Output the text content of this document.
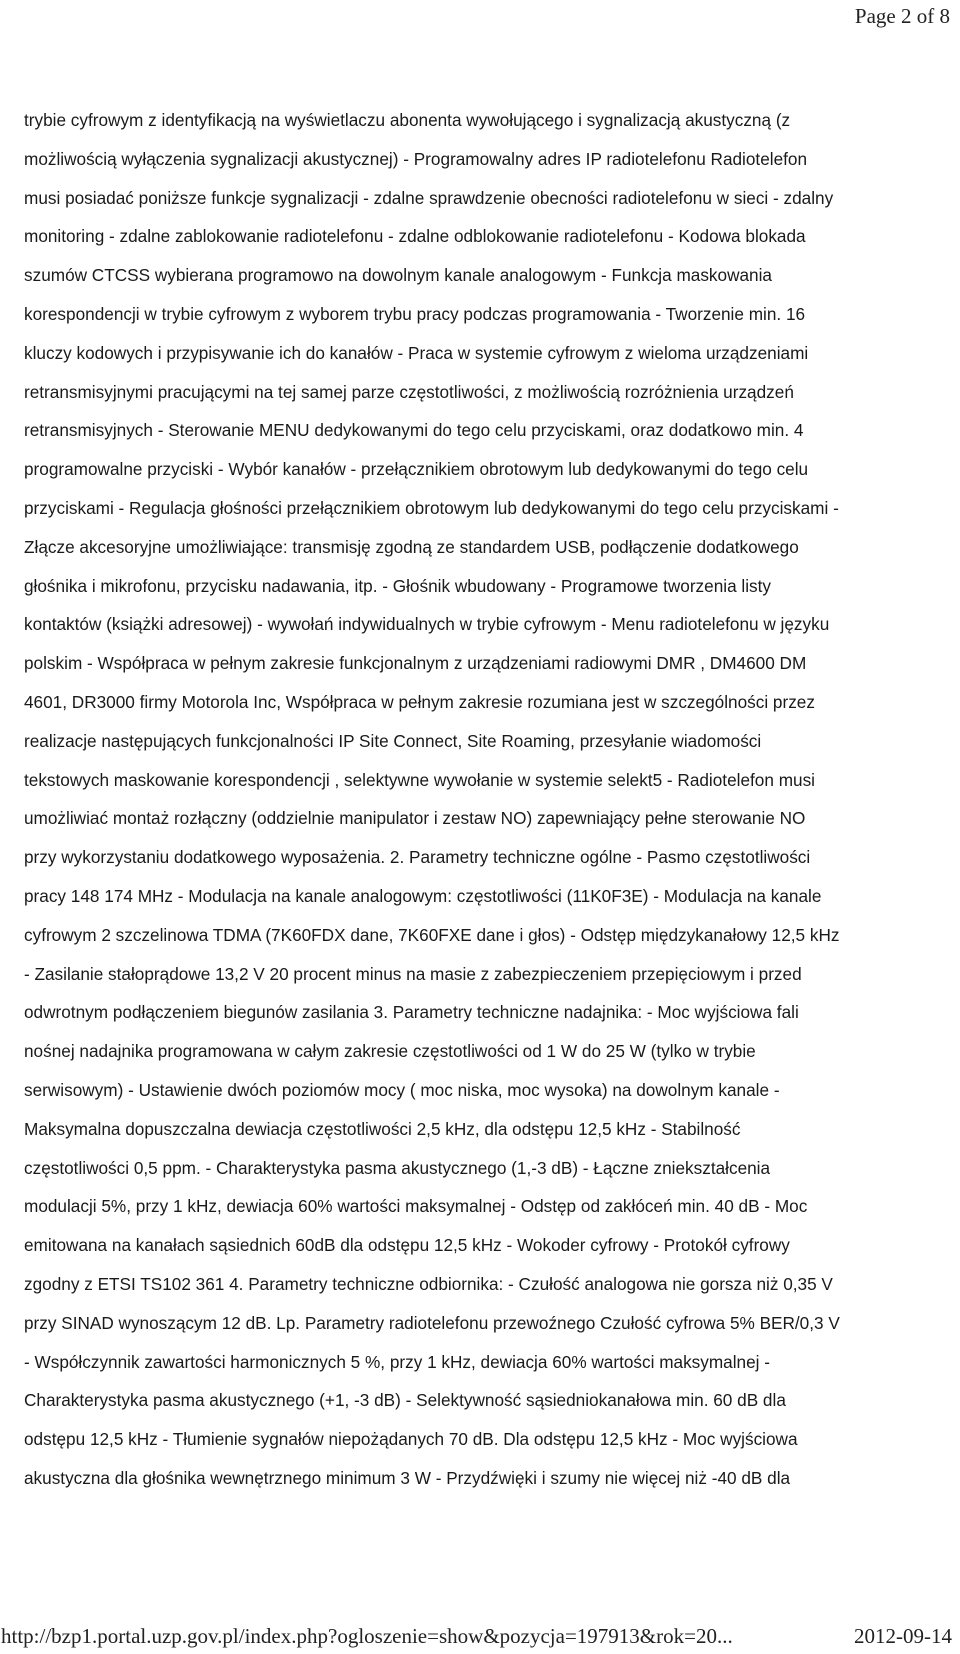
Page 2 of 8
trybie cyfrowym z identyfikacją na wyświetlaczu abonenta wywołującego i sygnalizacją akustyczną (z
możliwością wyłączenia sygnalizacji akustycznej) - Programowalny adres IP radiotelefonu Radiotelefon
musi posiadać poniższe funkcje sygnalizacji - zdalne sprawdzenie obecności radiotelefonu w sieci - zdalny
monitoring - zdalne zablokowanie radiotelefonu - zdalne odblokowanie radiotelefonu - Kodowa blokada
szumów CTCSS wybierana programowo na dowolnym kanale analogowym - Funkcja maskowania
korespondencji w trybie cyfrowym z wyborem trybu pracy podczas programowania - Tworzenie min. 16
kluczy kodowych i przypisywanie ich do kanałów - Praca w systemie cyfrowym z wieloma urządzeniami
retransmisyjnymi pracującymi na tej samej parze częstotliwości, z możliwością rozróżnienia urządzeń
retransmisyjnych - Sterowanie MENU dedykowanymi do tego celu przyciskami, oraz dodatkowo min. 4
programowalne przyciski - Wybór kanałów - przełącznikiem obrotowym lub dedykowanymi do tego celu
przyciskami - Regulacja głośności przełącznikiem obrotowym lub dedykowanymi do tego celu przyciskami -
Złącze akcesoryjne umożliwiające: transmisję zgodną ze standardem USB, podłączenie dodatkowego
głośnika i mikrofonu, przycisku nadawania, itp. - Głośnik wbudowany - Programowe tworzenia listy
kontaktów (książki adresowej) - wywołań indywidualnych w trybie cyfrowym - Menu radiotelefonu w języku
polskim - Współpraca w pełnym zakresie funkcjonalnym z urządzeniami radiowymi DMR , DM4600 DM
4601, DR3000 firmy Motorola Inc, Współpraca w pełnym zakresie rozumiana jest w szczególności przez
realizacje następujących funkcjonalności IP Site Connect, Site Roaming, przesyłanie wiadomości
tekstowych maskowanie korespondencji , selektywne wywołanie w systemie selekt5 - Radiotelefon musi
umożliwiać montaż rozłączny (oddzielnie manipulator i zestaw NO) zapewniający pełne sterowanie NO
przy wykorzystaniu dodatkowego wyposażenia. 2. Parametry techniczne ogólne - Pasmo częstotliwości
pracy 148 174 MHz - Modulacja na kanale analogowym: częstotliwości (11K0F3E) - Modulacja na kanale
cyfrowym 2 szczelinowa TDMA (7K60FDX dane, 7K60FXE dane i głos) - Odstęp międzykanałowy 12,5 kHz
- Zasilanie stałoprądowe 13,2 V 20 procent minus na masie z zabezpieczeniem przepięciowym i przed
odwrotnym podłączeniem biegunów zasilania 3. Parametry techniczne nadajnika: - Moc wyjściowa fali
nośnej nadajnika programowana w całym zakresie częstotliwości od 1 W do 25 W (tylko w trybie
serwisowym) - Ustawienie dwóch poziomów mocy ( moc niska, moc wysoka) na dowolnym kanale -
Maksymalna dopuszczalna dewiacja częstotliwości 2,5 kHz, dla odstępu 12,5 kHz - Stabilność
częstotliwości 0,5 ppm. - Charakterystyka pasma akustycznego (1,-3 dB) - Łączne zniekształcenia
modulacji 5%, przy 1 kHz, dewiacja 60% wartości maksymalnej - Odstęp od zakłóceń min. 40 dB - Moc
emitowana na kanałach sąsiednich 60dB dla odstępu 12,5 kHz - Wokoder cyfrowy - Protokół cyfrowy
zgodny z ETSI TS102 361 4. Parametry techniczne odbiornika: - Czułość analogowa nie gorsza niż 0,35 V
przy SINAD wynoszącym 12 dB. Lp. Parametry radiotelefonu przewoźnego Czułość cyfrowa 5% BER/0,3 V
- Współczynnik zawartości harmonicznych 5 %, przy 1 kHz, dewiacja 60% wartości maksymalnej -
Charakterystyka pasma akustycznego (+1, -3 dB) - Selektywność sąsiedniokanałowa min. 60 dB dla
odstępu 12,5 kHz - Tłumienie sygnałów niepożądanych 70 dB. Dla odstępu 12,5 kHz - Moc wyjściowa
akustyczna dla głośnika wewnętrznego minimum 3 W - Przydźwięki i szumy nie więcej niż -40 dB dla
http://bzp1.portal.uzp.gov.pl/index.php?ogloszenie=show&pozycja=197913&rok=20...	2012-09-14
